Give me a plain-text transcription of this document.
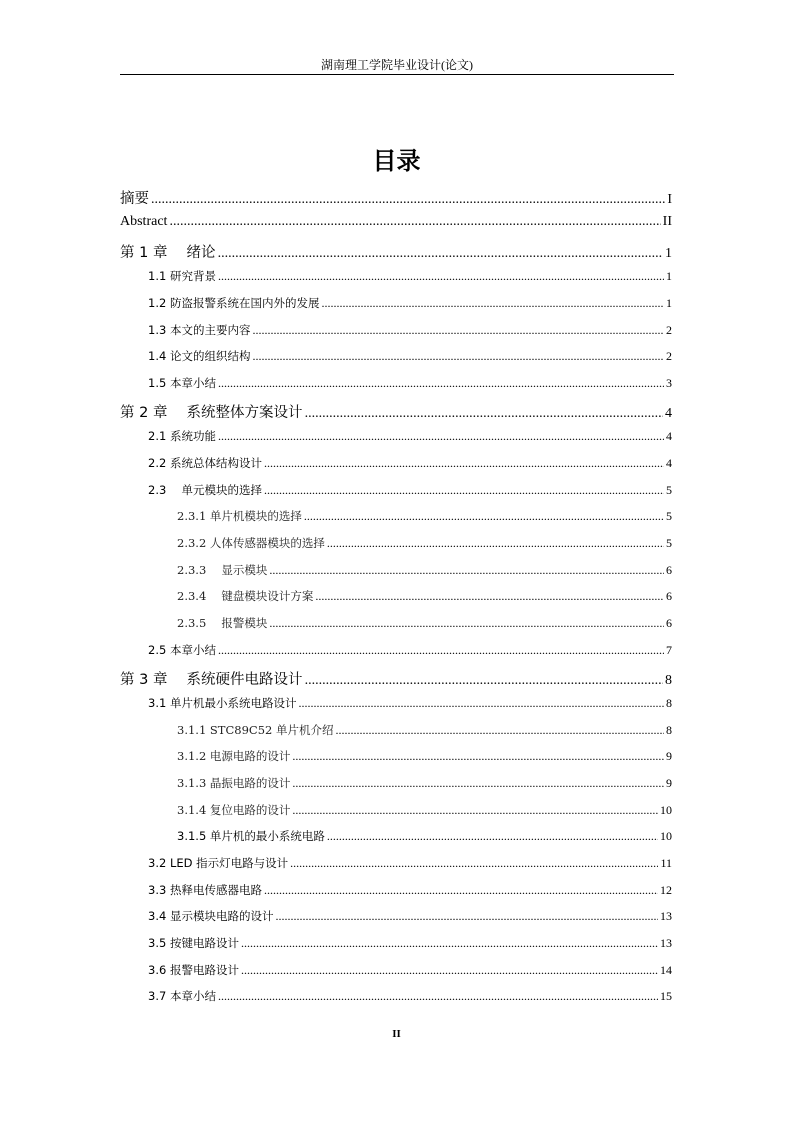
湖南理工学院毕业设计(论文)
目录
摘要 .....	I
Abstract .....	II
第 1 章　 绪论 .....	1
1.1 研究背景 .....	1
1.2 防盗报警系统在国内外的发展 .....	1
1.3 本文的主要内容 .....	2
1.4 论文的组织结构 .....	2
1.5 本章小结 .....	3
第 2 章　 系统整体方案设计 .....	4
2.1 系统功能 .....	4
2.2 系统总体结构设计 .....	4
2.3　 单元模块的选择 .....	5
2.3.1 单片机模块的选择 .....	5
2.3.2 人体传感器模块的选择 .....	5
2.3.3　 显示模块 .....	6
2.3.4　 键盘模块设计方案 .....	6
2.3.5　 报警模块 .....	6
2.5 本章小结 .....	7
第 3 章　 系统硬件电路设计 .....	8
3.1 单片机最小系统电路设计 .....	8
3.1.1 STC89C52 单片机介绍 .....	8
3.1.2 电源电路的设计 .....	9
3.1.3 晶振电路的设计 .....	9
3.1.4 复位电路的设计 .....	10
3.1.5 单片机的最小系统电路 .....	10
3.2 LED 指示灯电路与设计 .....	11
3.3 热释电传感器电路 .....	12
3.4 显示模块电路的设计 .....	13
3.5 按键电路设计 .....	13
3.6 报警电路设计 .....	14
3.7 本章小结 .....	15
II
